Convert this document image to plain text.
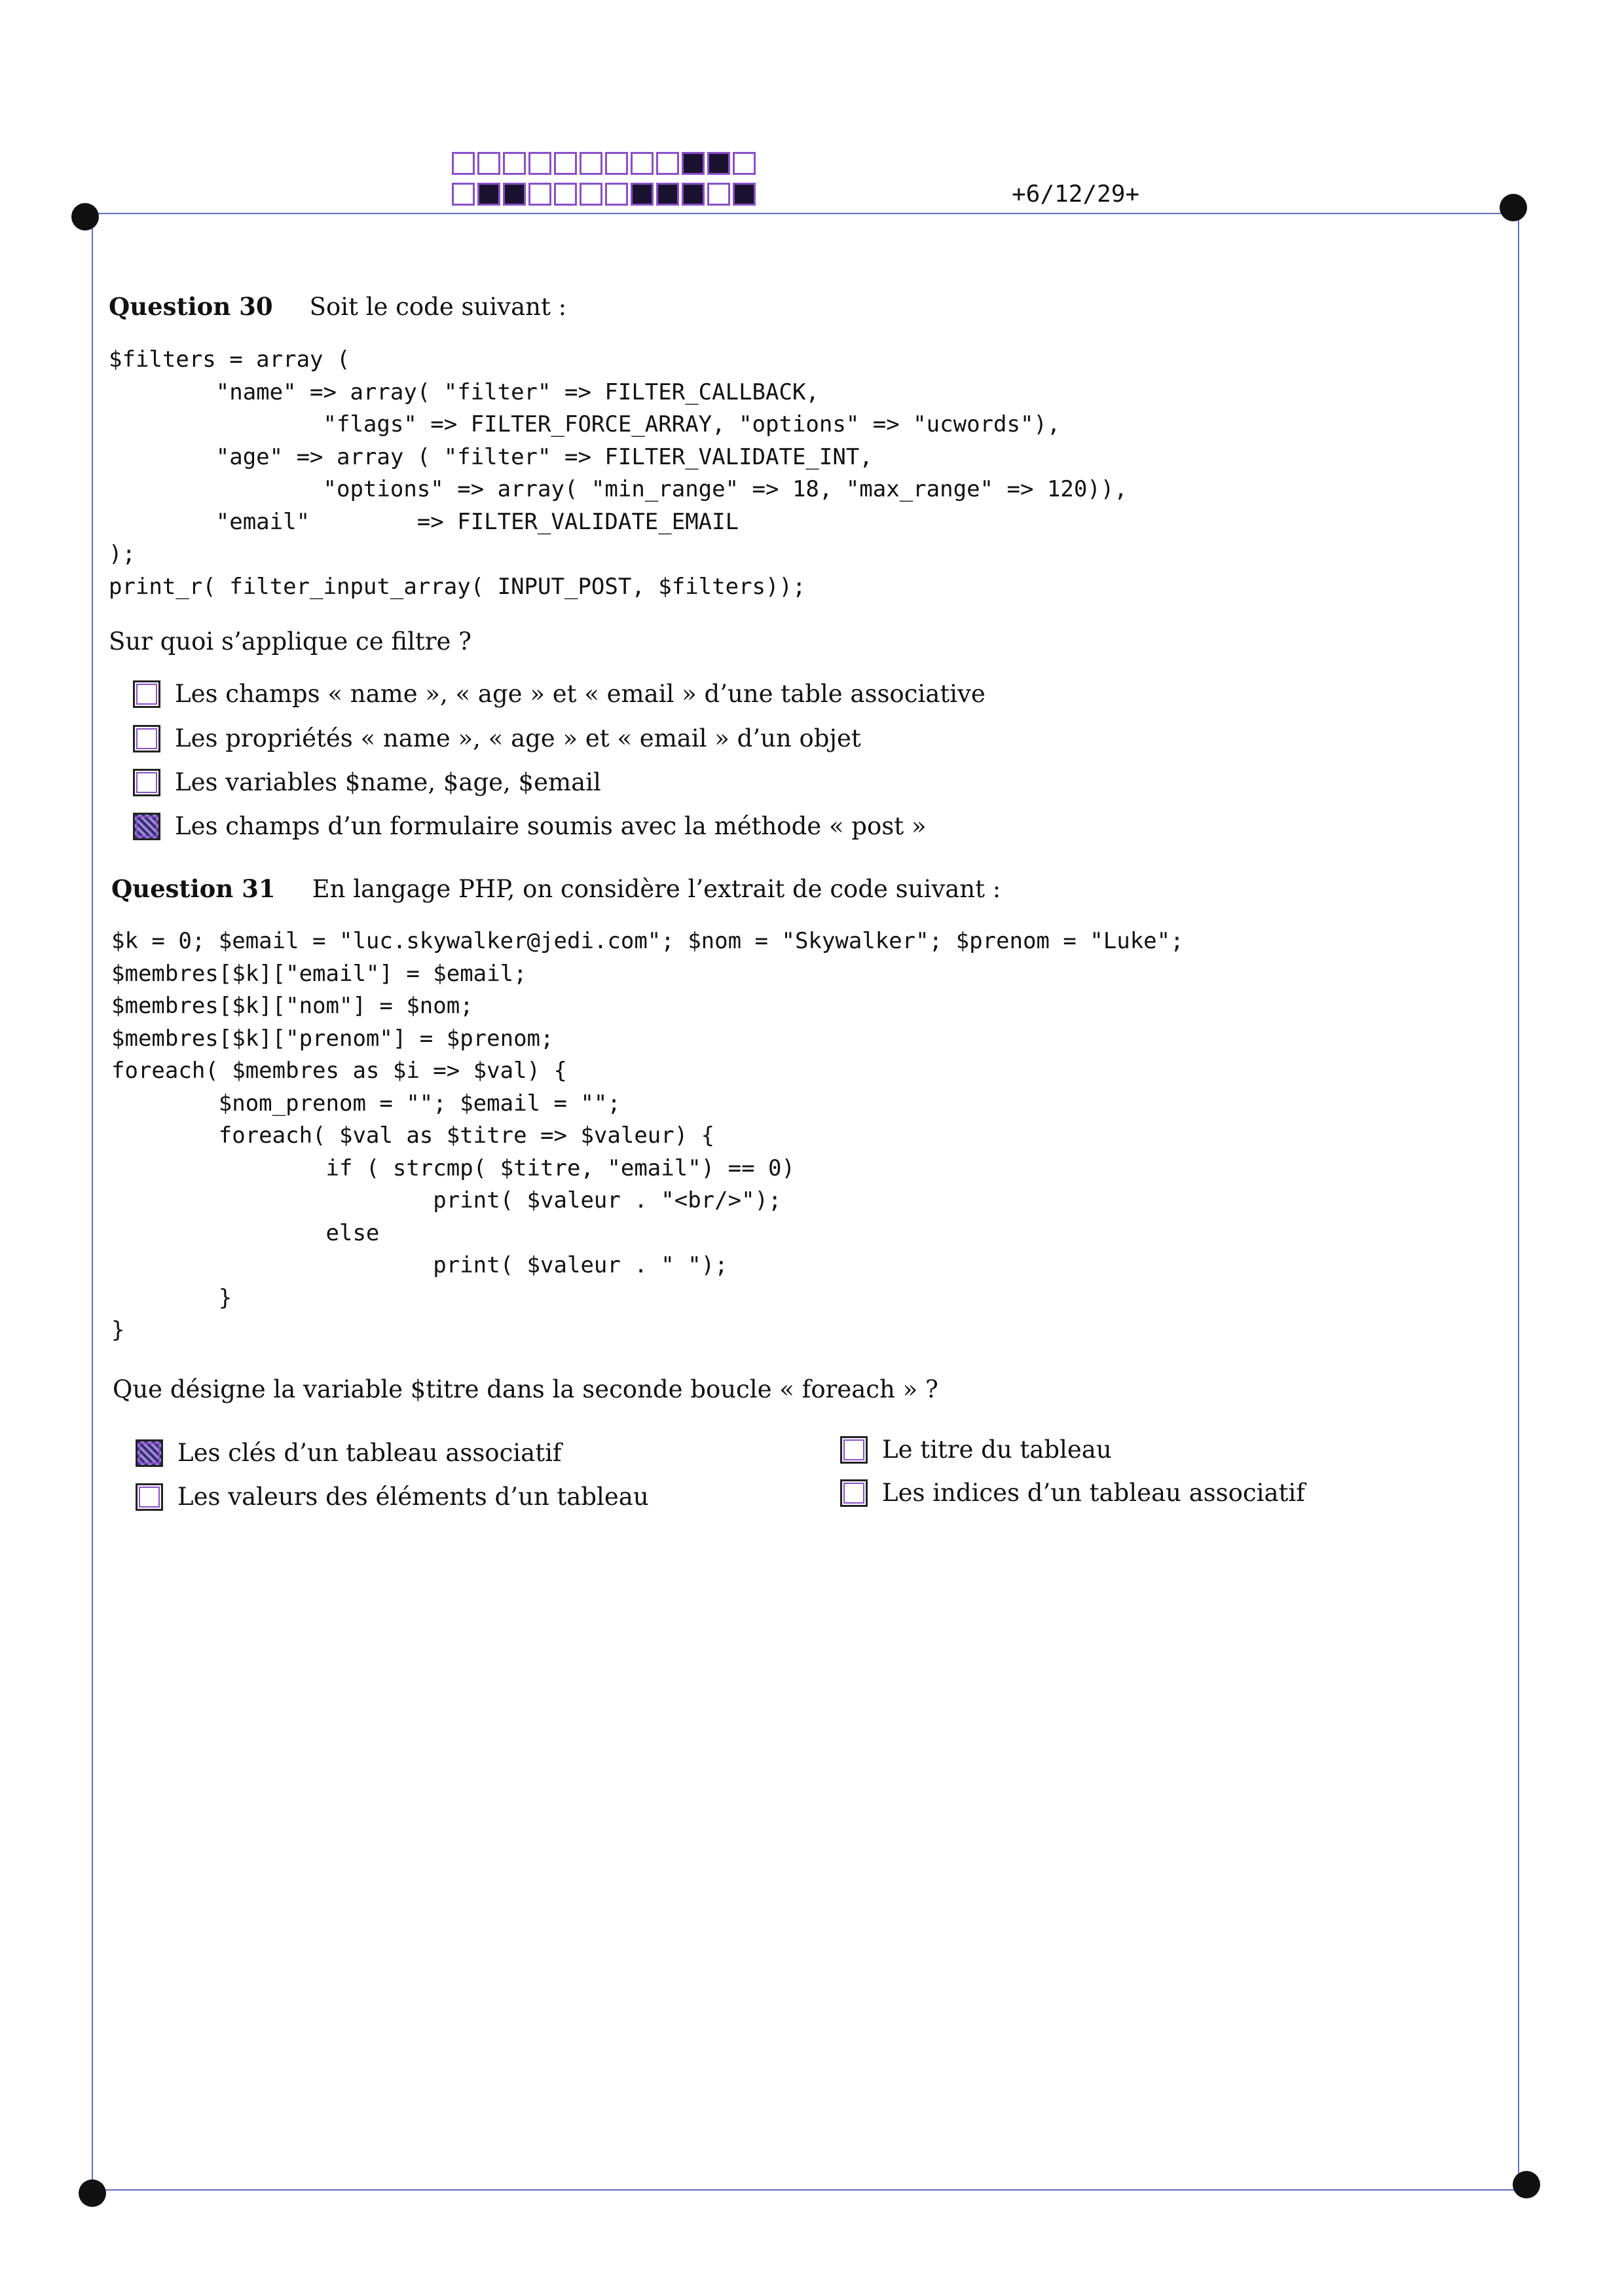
+6/12/29+
Question 30 Soit le code suivant :
$filters = array (
"name" => array( "filter" => FILTER_CALLBACK,
"flags" => FILTER_FORCE_ARRAY, "options" => "ucwords"),
"age" => array ( "filter" => FILTER_VALIDATE_INT,
"options" => array( "min_range" => 18, "max_range" => 120)),
"email"        => FILTER_VALIDATE_EMAIL
);
print_r( filter_input_array( INPUT_POST, $filters));
Sur quoi s’applique ce filtre ?
Les champs « name », « age » et « email » d’une table associative
Les propriétés « name », « age » et « email » d’un objet
Les variables $name, $age, $email
Les champs d’un formulaire soumis avec la méthode « post »
Question 31 En langage PHP, on considère l’extrait de code suivant :
$k = 0; $email = "luc.skywalker@jedi.com"; $nom = "Skywalker"; $prenom = "Luke";
$membres[$k]["email"] = $email;
$membres[$k]["nom"] = $nom;
$membres[$k]["prenom"] = $prenom;
foreach( $membres as $i => $val) {
$nom_prenom = ""; $email = "";
foreach( $val as $titre => $valeur) {
if ( strcmp( $titre, "email") == 0)
print( $valeur . "<br/>");
else
print( $valeur . " ");
}
}
Que désigne la variable $titre dans la seconde boucle « foreach » ?
Les clés d’un tableau associatif
Les valeurs des éléments d’un tableau
Le titre du tableau
Les indices d’un tableau associatif
